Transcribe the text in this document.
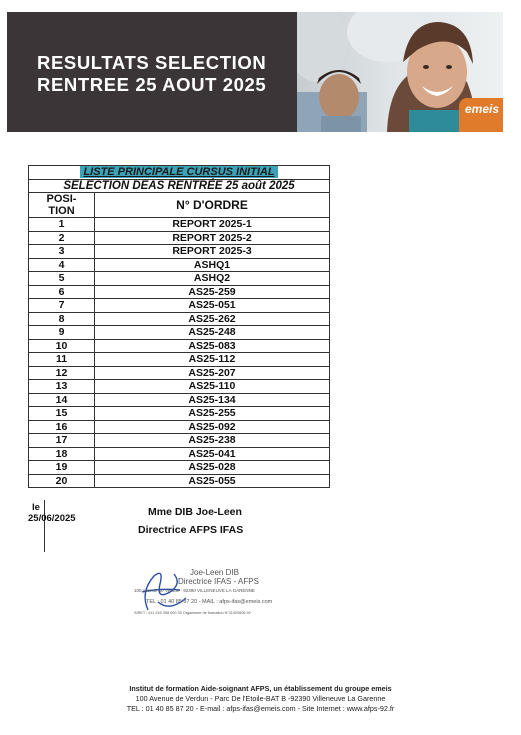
RESULTATS SELECTION
RENTREE 25 AOUT 2025
emeis
LISTE PRINCIPALE CURSUS INITIAL	
SELECTION DEAS RENTRÉE 25 août 2025	
POSI-
TION	N° D'ORDRE
1	REPORT 2025-1
2	REPORT 2025-2
3	REPORT 2025-3
4	ASHQ1
5	ASHQ2
6	AS25-259
7	AS25-051
8	AS25-262
9	AS25-248
10	AS25-083
11	AS25-112
12	AS25-207
13	AS25-110
14	AS25-134
15	AS25-255
16	AS25-092
17	AS25-238
18	AS25-041
19	AS25-028
20	AS25-055
le
25/06/2025
Mme DIB Joe-Leen
Directrice AFPS IFAS
Joe-Leen DIB
Directrice IFAS - AFPS
100 avenue de Verdun - 92390 VILLENEUVE LA GARENNE
TEL : 01 40 85 87 20 - MAIL : afps-ifas@emeis.com
SIRET : 411 249 398 000 33 Organisme de formation N°11920606 92
Institut de formation Aide-soignant AFPS, un établissement du groupe emeis
100 Avenue de Verdun - Parc De l'Etoile-BAT B -92390 Villeneuve La Garenne
TEL : 01 40 85 87 20 - E-mail : afps-ifas@emeis.com - Site Internet : www.afps-92.fr
